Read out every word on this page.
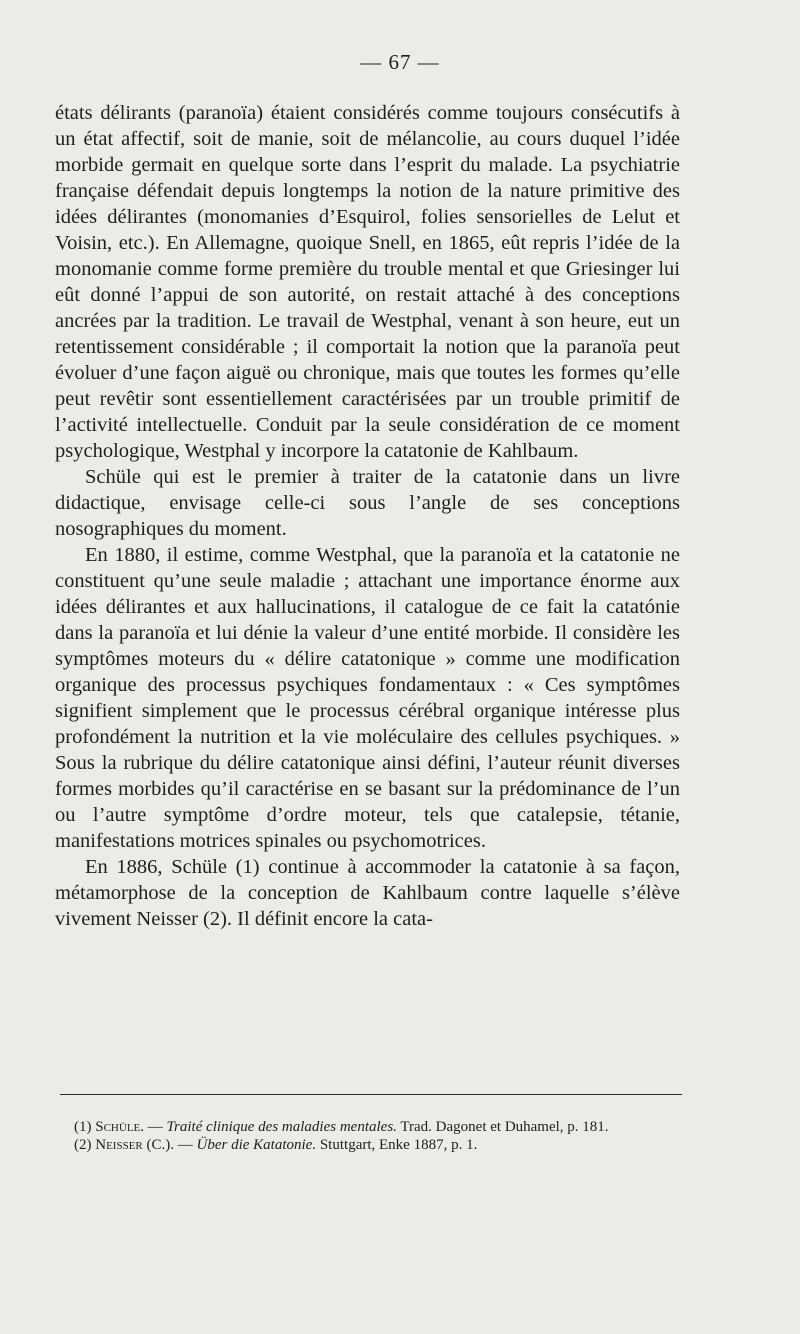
— 67 —

états délirants (paranoïa) étaient considérés comme toujours consécutifs à un état affectif, soit de manie, soit de mélancolie, au cours duquel l’idée morbide germait en quelque sorte dans l’esprit du malade. La psychiatrie française défendait depuis longtemps la notion de la nature primitive des idées délirantes (monomanies d’Esquirol, folies sensorielles de Lelut et Voisin, etc.). En Allemagne, quoique Snell, en 1865, eût repris l’idée de la monomanie comme forme première du trouble mental et que Griesinger lui eût donné l’appui de son autorité, on restait attaché à des conceptions ancrées par la tradition. Le travail de Westphal, venant à son heure, eut un retentissement considérable ; il comportait la notion que la paranoïa peut évoluer d’une façon aiguë ou chronique, mais que toutes les formes qu’elle peut revêtir sont essentiellement caractérisées par un trouble primitif de l’activité intellectuelle. Conduit par la seule considération de ce moment psychologique, Westphal y incorpore la catatonie de Kahlbaum.

Schüle qui est le premier à traiter de la catatonie dans un livre didactique, envisage celle-ci sous l’angle de ses conceptions nosographiques du moment.

En 1880, il estime, comme Westphal, que la paranoïa et la catatonie ne constituent qu’une seule maladie ; attachant une importance énorme aux idées délirantes et aux hallucinations, il catalogue de ce fait la catatónie dans la paranoïa et lui dénie la valeur d’une entité morbide. Il considère les symptômes moteurs du « délire catatonique » comme une modification organique des processus psychiques fondamentaux : « Ces symptômes signifient simplement que le processus cérébral organique intéresse plus profondément la nutrition et la vie moléculaire des cellules psychiques. » Sous la rubrique du délire catatonique ainsi défini, l’auteur réunit diverses formes morbides qu’il caractérise en se basant sur la prédominance de l’un ou l’autre symptôme d’ordre moteur, tels que catalepsie, tétanie, manifestations motrices spinales ou psychomotrices.

En 1886, Schüle (1) continue à accommoder la catatonie à sa façon, métamorphose de la conception de Kahlbaum contre laquelle s’élève vivement Neisser (2). Il définit encore la cata-

(1) Schüle. — Traité clinique des maladies mentales. Trad. Dagonet et Duhamel, p. 181.

(2) Neisser (C.). — Über die Katatonie. Stuttgart, Enke 1887, p. 1.
